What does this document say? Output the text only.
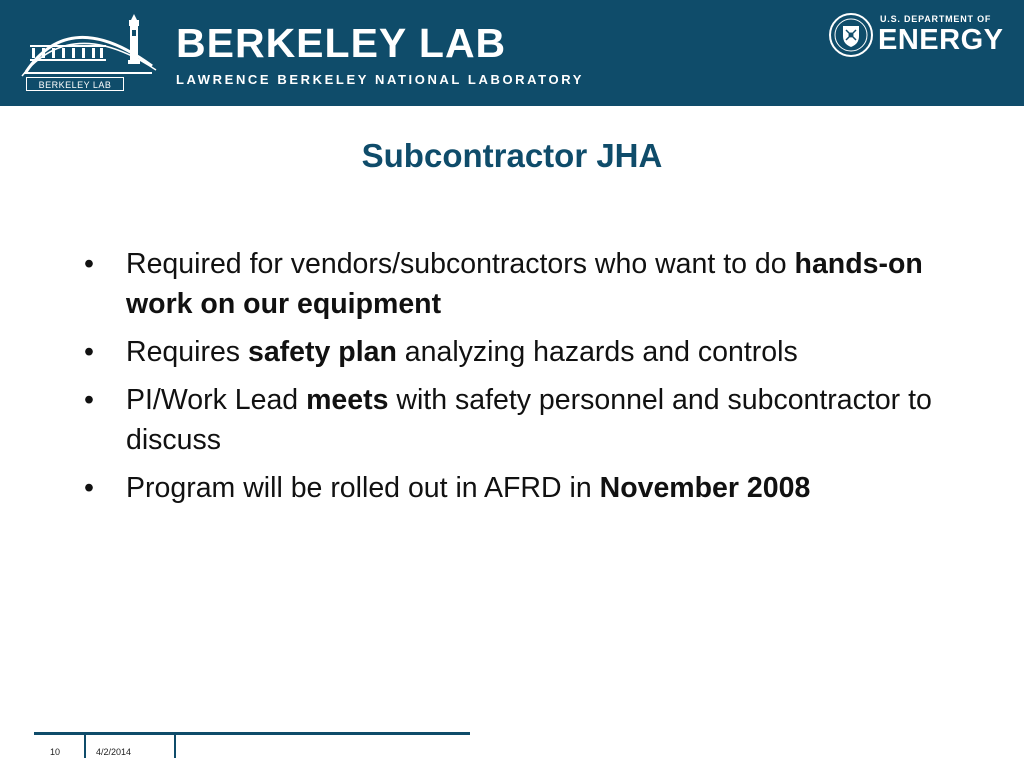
BERKELEY LAB
BERKELEY LAB
LAWRENCE BERKELEY NATIONAL LABORATORY
U.S. DEPARTMENT OF
ENERGY
Subcontractor JHA
• Required for vendors/subcontractors who want to do hands-on work on our equipment
• Requires safety plan analyzing hazards and controls
• PI/Work Lead meets with safety personnel and subcontractor to discuss
• Program will be rolled out in AFRD in November 2008
10	4/2/2014
